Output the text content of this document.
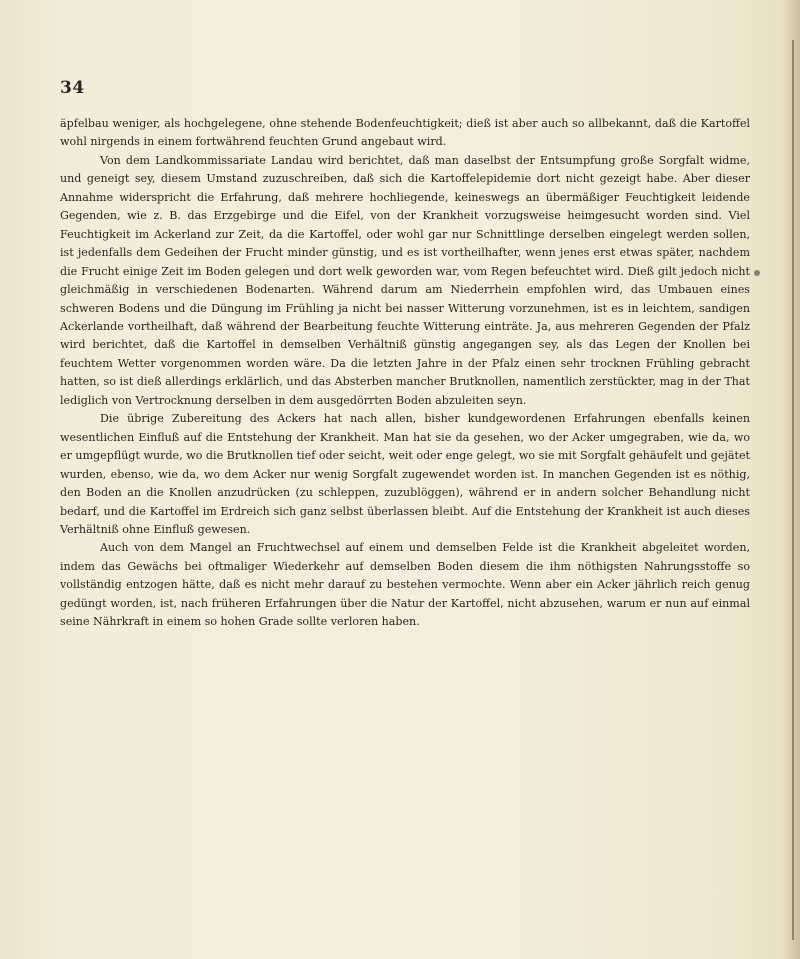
34

äpfelbau weniger, als hochgelegene, ohne stehende Bodenfeuchtigkeit; dieß ist aber auch so allbekannt, daß die Kartoffel wohl nirgends in einem fortwährend feuchten Grund angebaut wird.

Von dem Landkommissariate Landau wird berichtet, daß man daselbst der Entsumpfung große Sorgfalt widme, und geneigt sey, diesem Umstand zuzuschreiben, daß sich die Kartoffelepidemie dort nicht gezeigt habe. Aber dieser Annahme widerspricht die Erfahrung, daß mehrere hochliegende, keineswegs an übermäßiger Feuchtigkeit leidende Gegenden, wie z. B. das Erzgebirge und die Eifel, von der Krankheit vorzugsweise heimgesucht worden sind. Viel Feuchtigkeit im Ackerland zur Zeit, da die Kartoffel, oder wohl gar nur Schnittlinge derselben eingelegt werden sollen, ist jedenfalls dem Gedeihen der Frucht minder günstig, und es ist vortheilhafter, wenn jenes erst etwas später, nachdem die Frucht einige Zeit im Boden gelegen und dort welk geworden war, vom Regen befeuchtet wird. Dieß gilt jedoch nicht gleichmäßig in verschiedenen Bodenarten. Während darum am Niederrhein empfohlen wird, das Umbauen eines schweren Bodens und die Düngung im Frühling ja nicht bei nasser Witterung vorzunehmen, ist es in leichtem, sandigen Ackerlande vortheilhaft, daß während der Bearbeitung feuchte Witterung einträte. Ja, aus mehreren Gegenden der Pfalz wird berichtet, daß die Kartoffel in demselben Verhältniß günstig angegangen sey, als das Legen der Knollen bei feuchtem Wetter vorgenommen worden wäre. Da die letzten Jahre in der Pfalz einen sehr trocknen Frühling gebracht hatten, so ist dieß allerdings erklärlich, und das Absterben mancher Brutknollen, namentlich zerstückter, mag in der That lediglich von Vertrocknung derselben in dem ausgedörrten Boden abzuleiten seyn.

Die übrige Zubereitung des Ackers hat nach allen, bisher kundgewordenen Erfahrungen ebenfalls keinen wesentlichen Einfluß auf die Entstehung der Krankheit. Man hat sie da gesehen, wo der Acker umgegraben, wie da, wo er umgepflügt wurde, wo die Brutknollen tief oder seicht, weit oder enge gelegt, wo sie mit Sorgfalt gehäufelt und gejätet wurden, ebenso, wie da, wo dem Acker nur wenig Sorgfalt zugewendet worden ist. In manchen Gegenden ist es nöthig, den Boden an die Knollen anzudrücken (zu schleppen, zuzublöggen), während er in andern solcher Behandlung nicht bedarf, und die Kartoffel im Erdreich sich ganz selbst überlassen bleibt. Auf die Entstehung der Krankheit ist auch dieses Verhältniß ohne Einfluß gewesen.

Auch von dem Mangel an Fruchtwechsel auf einem und demselben Felde ist die Krankheit abgeleitet worden, indem das Gewächs bei oftmaliger Wiederkehr auf demselben Boden diesem die ihm nöthigsten Nahrungsstoffe so vollständig entzogen hätte, daß es nicht mehr darauf zu bestehen vermochte. Wenn aber ein Acker jährlich reich genug gedüngt worden, ist, nach früheren Erfahrungen über die Natur der Kartoffel, nicht abzusehen, warum er nun auf einmal seine Nährkraft in einem so hohen Grade sollte verloren haben.
